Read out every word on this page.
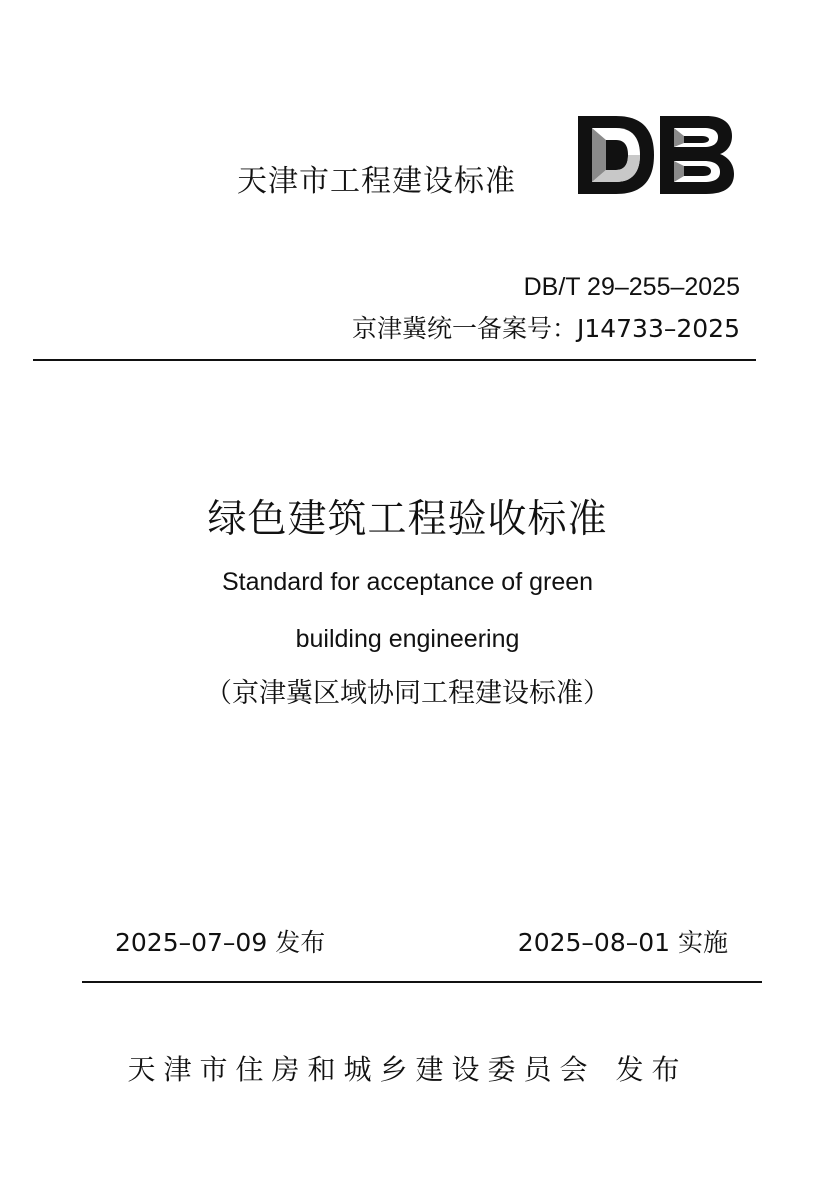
天津市工程建设标准	DB
DB/T 29–255–2025
京津冀统一备案号：J14733–2025
绿色建筑工程验收标准
Standard for acceptance of green
building engineering
（京津冀区域协同工程建设标准）
2025–07–09 发布	2025–08–01 实施
天津市住房和城乡建设委员会 发布
